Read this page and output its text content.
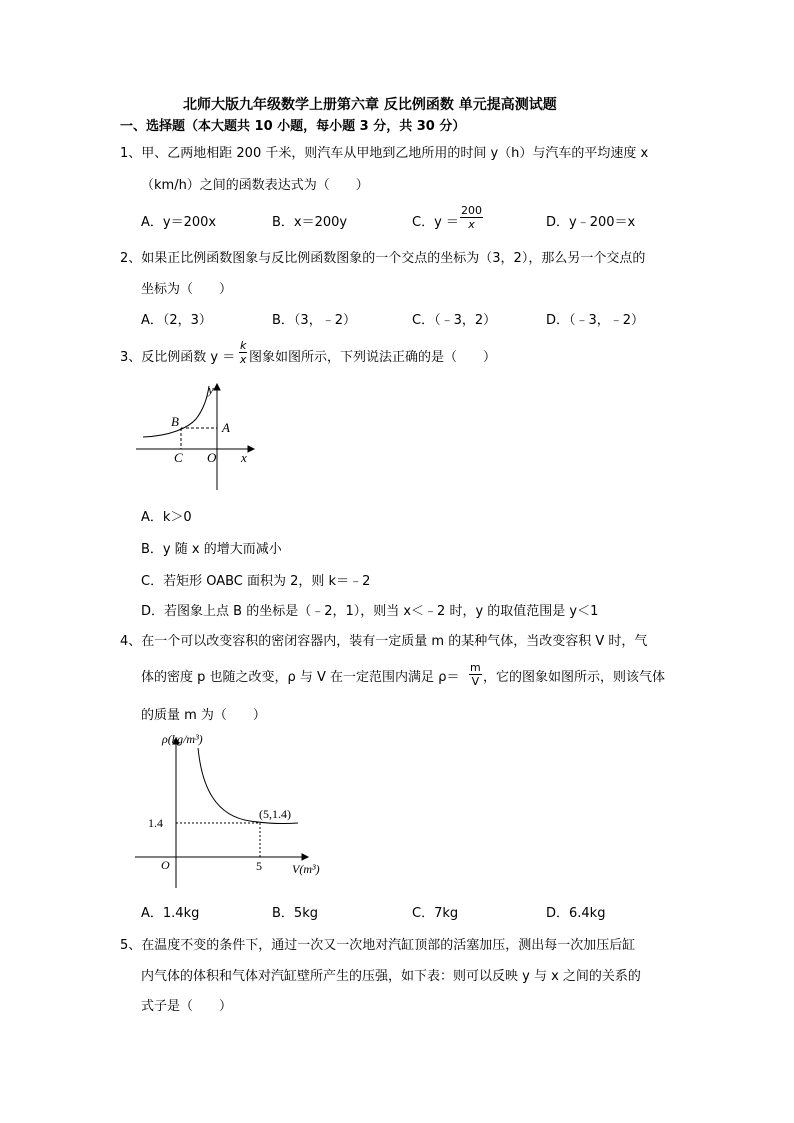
北师大版九年级数学上册第六章 反比例函数 单元提高测试题
一、选择题（本大题共 10 小题，每小题 3 分，共 30 分）
1、甲、乙两地相距 200 千米，则汽车从甲地到乙地所用的时间 y（h）与汽车的平均速度 x
（km/h）之间的函数表达式为（　　）
A．y＝200x	B．x＝200y	C．$y = \frac{200}{x}$	D．y﹣200＝x
2、如果正比例函数图象与反比例函数图象的一个交点的坐标为（3，2），那么另一个交点的
坐标为（　　）
A．（2，3）	B．（3，﹣2）	C．（﹣3，2）	D．（﹣3，﹣2）
3、反比例函数 $y = \frac{k}{x}$ 图象如图所示，下列说法正确的是（　　）
y
x
O
A
B
C
A．k＞0
B．y 随 x 的增大而减小
C．若矩形 OABC 面积为 2，则 k＝﹣2
D．若图象上点 B 的坐标是（﹣2，1），则当 x＜﹣2 时，y 的取值范围是 y＜1
4、在一个可以改变容积的密闭容器内，装有一定质量 m 的某种气体，当改变容积 V 时，气
体的密度 p 也随之改变，ρ 与 V 在一定范围内满足 $\rho= \frac{m}{V}$ ，它的图象如图所示，则该气体
的质量 m 为（　　）
ρ(kg/m³)
V(m³)
O
1.4
5
(5,1.4)
A．1.4kg	B．5kg	C．7kg	D．6.4kg
5、在温度不变的条件下，通过一次又一次地对汽缸顶部的活塞加压，测出每一次加压后缸
内气体的体积和气体对汽缸壁所产生的压强，如下表：则可以反映 y 与 x 之间的关系的
式子是（　　）
